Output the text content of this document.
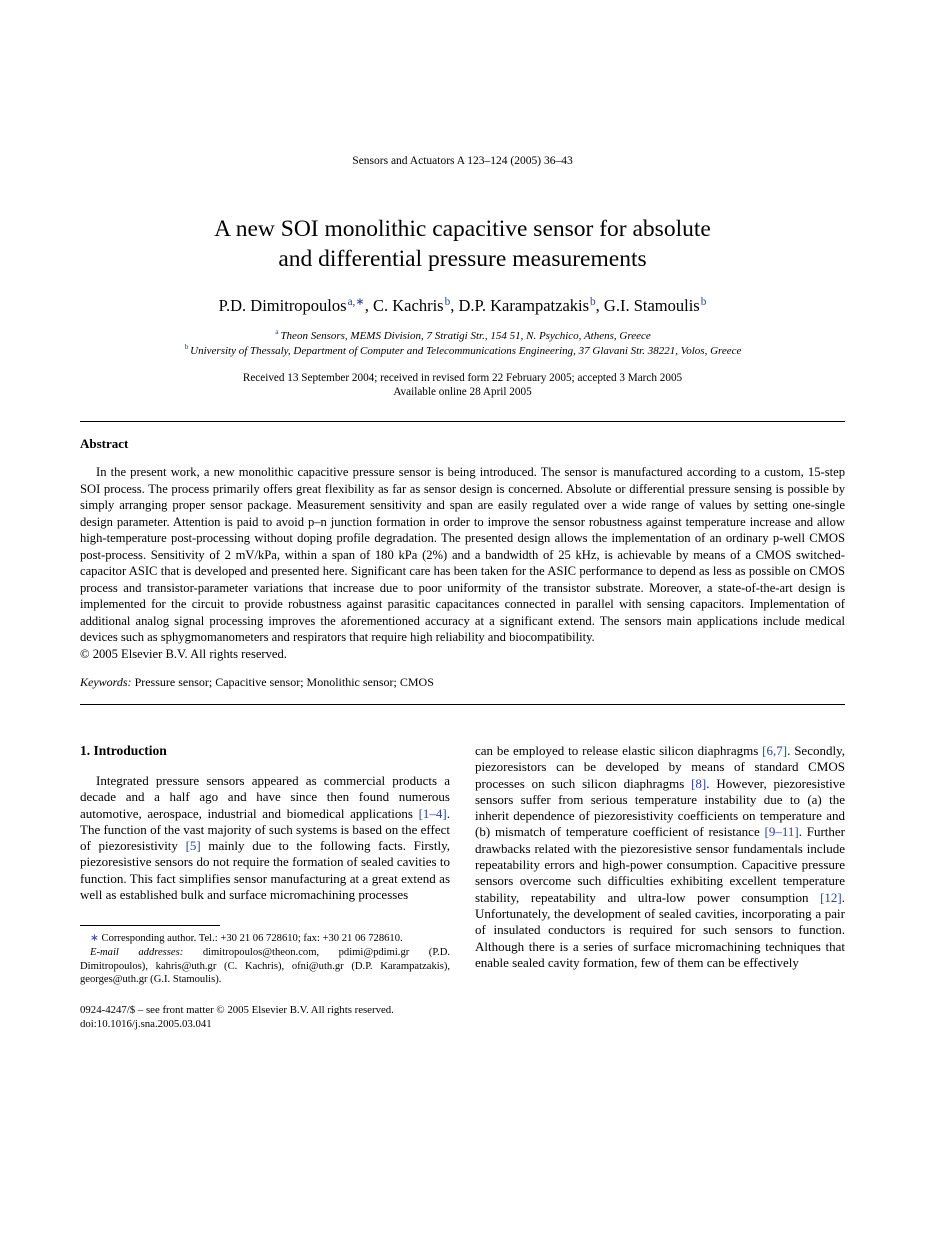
Sensors and Actuators A 123–124 (2005) 36–43
A new SOI monolithic capacitive sensor for absolute
and differential pressure measurements
P.D. Dimitropoulos$^{a,∗}$, C. Kachris$^b$, D.P. Karampatzakis$^b$, G.I. Stamoulis$^b$
$^a$ Theon Sensors, MEMS Division, 7 Stratigi Str., 154 51, N. Psychico, Athens, Greece
$^b$ University of Thessaly, Department of Computer and Telecommunications Engineering, 37 Glavani Str. 38221, Volos, Greece
Received 13 September 2004; received in revised form 22 February 2005; accepted 3 March 2005
Available online 28 April 2005
Abstract

In the present work, a new monolithic capacitive pressure sensor is being introduced. The sensor is manufactured according to a custom, 15-step SOI process. The process primarily offers great flexibility as far as sensor design is concerned. Absolute or differential pressure sensing is possible by simply arranging proper sensor package. Measurement sensitivity and span are easily regulated over a wide range of values by setting one-single design parameter. Attention is paid to avoid p–n junction formation in order to improve the sensor robustness against temperature increase and allow high-temperature post-processing without doping profile degradation. The presented design allows the implementation of an ordinary p-well CMOS post-process. Sensitivity of 2 mV/kPa, within a span of 180 kPa (2%) and a bandwidth of 25 kHz, is achievable by means of a CMOS switched-capacitor ASIC that is developed and presented here. Significant care has been taken for the ASIC performance to depend as less as possible on CMOS process and transistor-parameter variations that increase due to poor uniformity of the transistor substrate. Moreover, a state-of-the-art design is implemented for the circuit to provide robustness against parasitic capacitances connected in parallel with sensing capacitors. Implementation of additional analog signal processing improves the aforementioned accuracy at a significant extend. The sensors main applications include medical devices such as sphygmomanometers and respirators that require high reliability and biocompatibility.

© 2005 Elsevier B.V. All rights reserved.

Keywords: Pressure sensor; Capacitive sensor; Monolithic sensor; CMOS
1. Introduction

Integrated pressure sensors appeared as commercial products a decade and a half ago and have since then found numerous automotive, aerospace, industrial and biomedical applications [1–4]. The function of the vast majority of such systems is based on the effect of piezoresistivity [5] mainly due to the following facts. Firstly, piezoresistive sensors do not require the formation of sealed cavities to function. This fact simplifies sensor manufacturing at a great extend as well as established bulk and surface micromachining processes

∗ Corresponding author. Tel.: +30 21 06 728610; fax: +30 21 06 728610.

E-mail addresses: dimitropoulos@theon.com, pdimi@pdimi.gr (P.D. Dimitropoulos), kahris@uth.gr (C. Kachris), ofni@uth.gr (D.P. Karampatzakis), georges@uth.gr (G.I. Stamoulis).

0924-4247/$ – see front matter © 2005 Elsevier B.V. All rights reserved.
doi:10.1016/j.sna.2005.03.041

can be employed to release elastic silicon diaphragms [6,7]. Secondly, piezoresistors can be developed by means of standard CMOS processes on such silicon diaphragms [8]. However, piezoresistive sensors suffer from serious temperature instability due to (a) the inherit dependence of piezoresistivity coefficients on temperature and (b) mismatch of temperature coefficient of resistance [9–11]. Further drawbacks related with the piezoresistive sensor fundamentals include repeatability errors and high-power consumption. Capacitive pressure sensors overcome such difficulties exhibiting excellent temperature stability, repeatability and ultra-low power consumption [12]. Unfortunately, the development of sealed cavities, incorporating a pair of insulated conductors is required for such sensors to function. Although there is a series of surface micromachining techniques that enable sealed cavity formation, few of them can be effectively
